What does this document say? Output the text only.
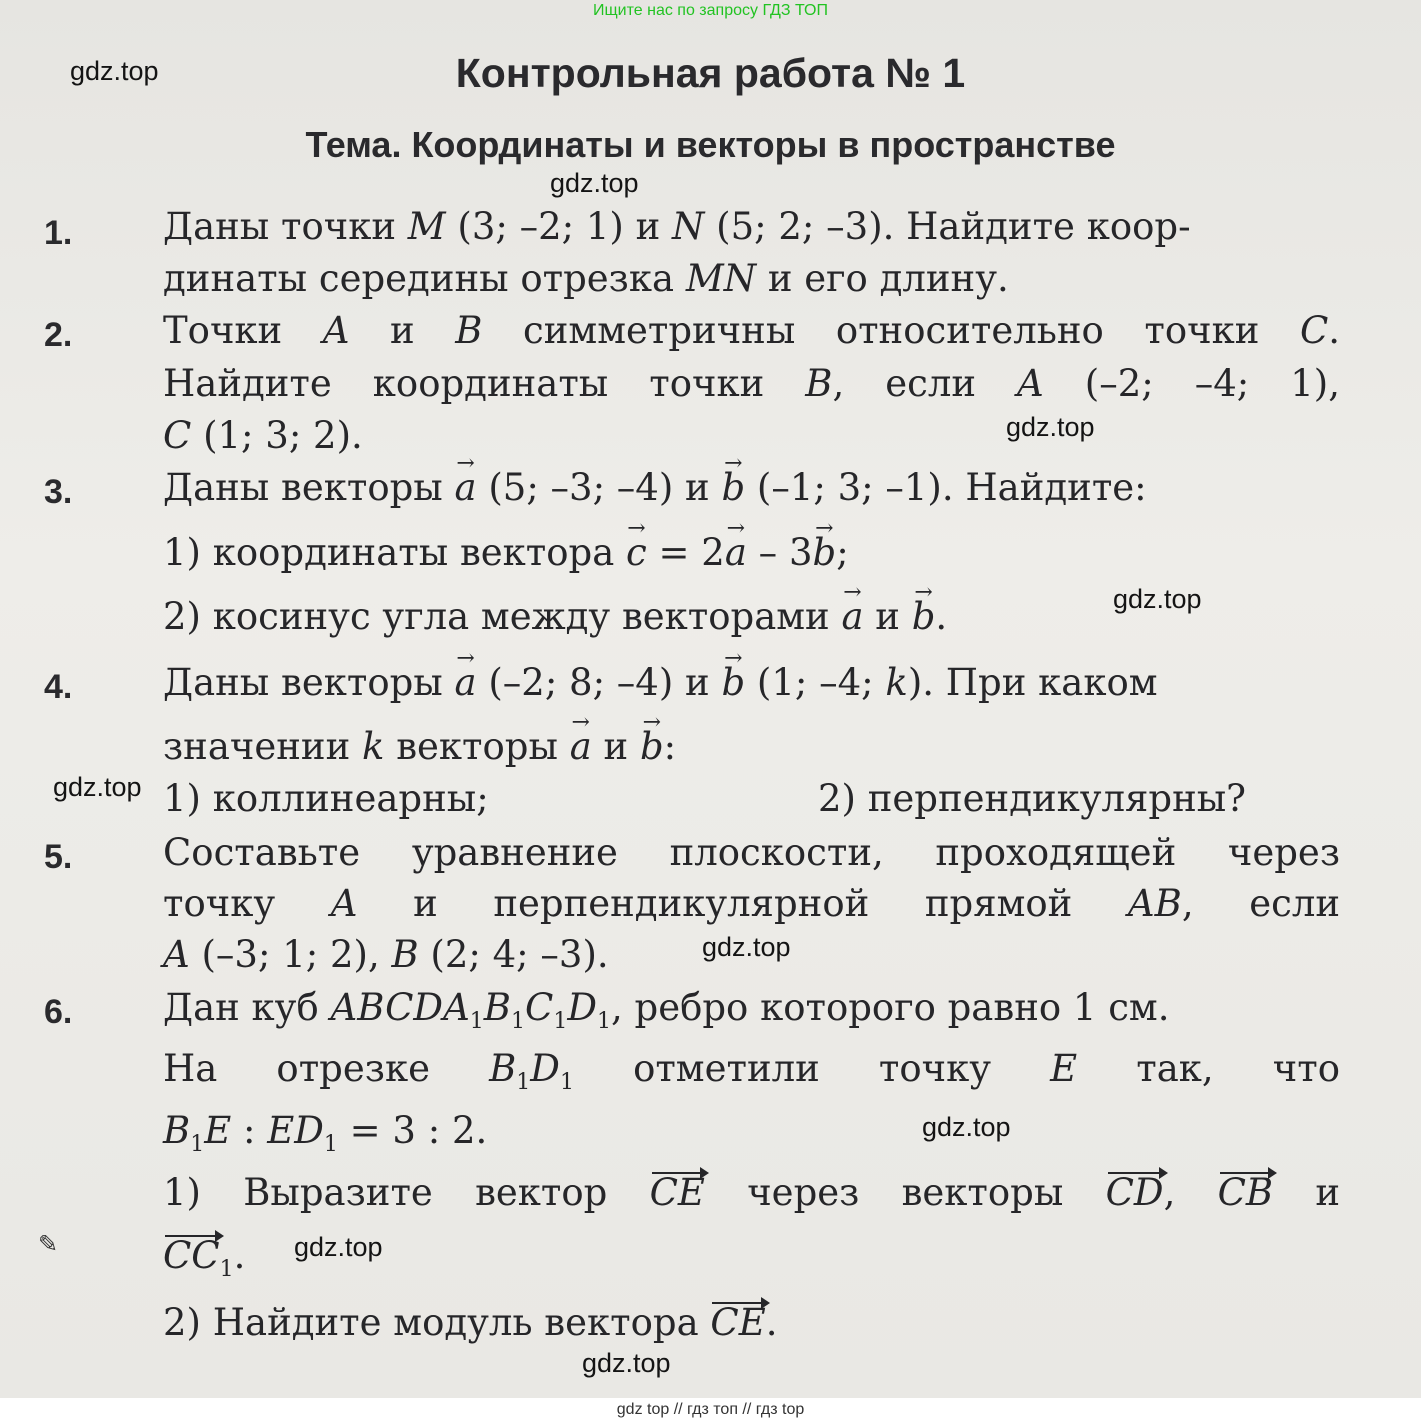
Контрольная работа № 1
Тема. Координаты и векторы в пространстве
1. Даны точки M (3; –2; 1) и N (5; 2; –3). Найдите коор-
динаты середины отрезка MN и его длину.
2. Точки A и B симметричны относительно точки C.
Найдите координаты точки B, если A (–2; –4; 1),
C (1; 3; 2).
3. Даны векторы → a (5; –3; –4) и → b (–1; 3; –1). Найдите:
1) координаты вектора → c = 2→ a – 3→ b;
2) косинус угла между векторами → a и → b.
4. Даны векторы → a (–2; 8; –4) и → b (1; –4; k). При каком
значении k векторы → a и → b:
1) коллинеарны;	2) перпендикулярны?
5. Составьте уравнение плоскости, проходящей через
точку A и перпендикулярной прямой AB, если
A (–3; 1; 2), B (2; 4; –3).
6. Дан куб $ABCDA_1B_1C_1D_1$, ребро которого равно 1 см.
На отрезке $B_1D_1$ отметили точку E так, что
$B_1E$ : $ED_1 = 3$ : 2.
1) Выразите вектор CE через векторы CD, CB и
$CC_1$.
2) Найдите модуль вектора CE.
✎
gdz.top
gdz.top
gdz.top
gdz.top
gdz.top
gdz.top
gdz.top
gdz.top
gdz.top
Ищите нас по запросу ГДЗ ТОП
gdz top // гдз топ // гдз top
